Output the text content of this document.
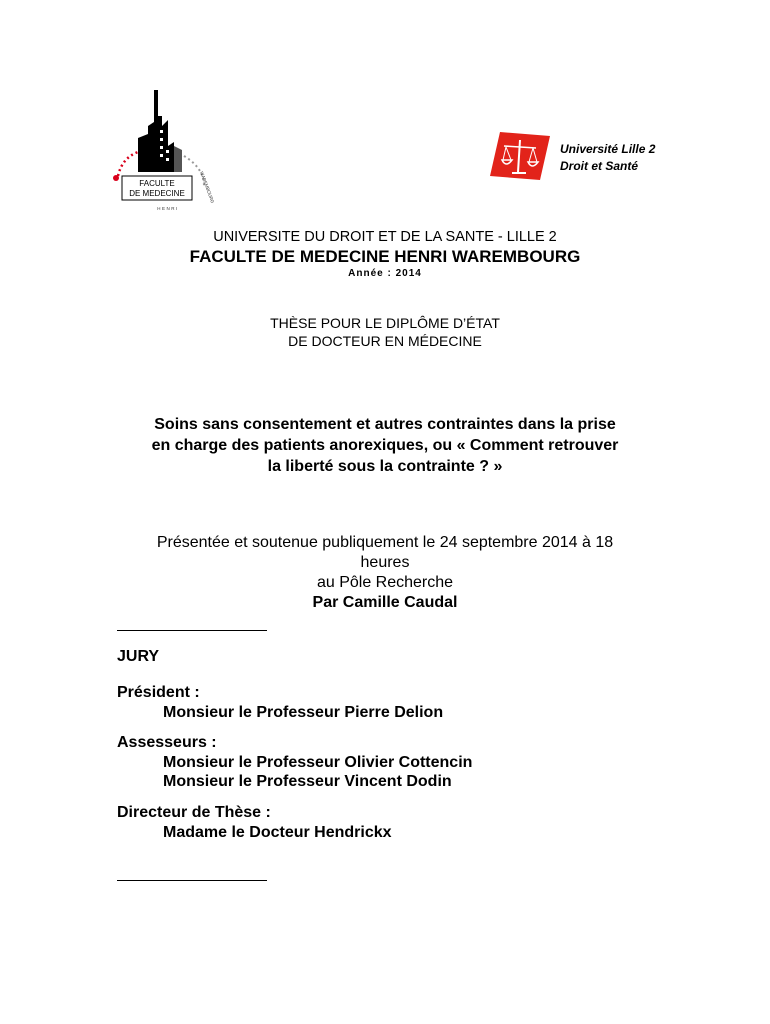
FACULTE
DE MEDECINE	WAREMBOURG
HENRI
Université Lille 2
Droit et Santé
UNIVERSITE DU DROIT ET DE LA SANTE - LILLE 2
FACULTE DE MEDECINE HENRI WAREMBOURG
Année : 2014
THÈSE POUR LE DIPLÔME D’ÉTAT
DE DOCTEUR EN MÉDECINE
Soins sans consentement et autres contraintes dans la prise
en charge des patients anorexiques, ou « Comment retrouver
la liberté sous la contrainte ? »
Présentée et soutenue publiquement le 24 septembre 2014 à 18
heures
au Pôle Recherche
Par Camille Caudal
JURY
Président :
Monsieur le Professeur Pierre Delion
Assesseurs :
Monsieur le Professeur Olivier Cottencin
Monsieur le Professeur Vincent Dodin
Directeur de Thèse :
Madame le Docteur Hendrickx
